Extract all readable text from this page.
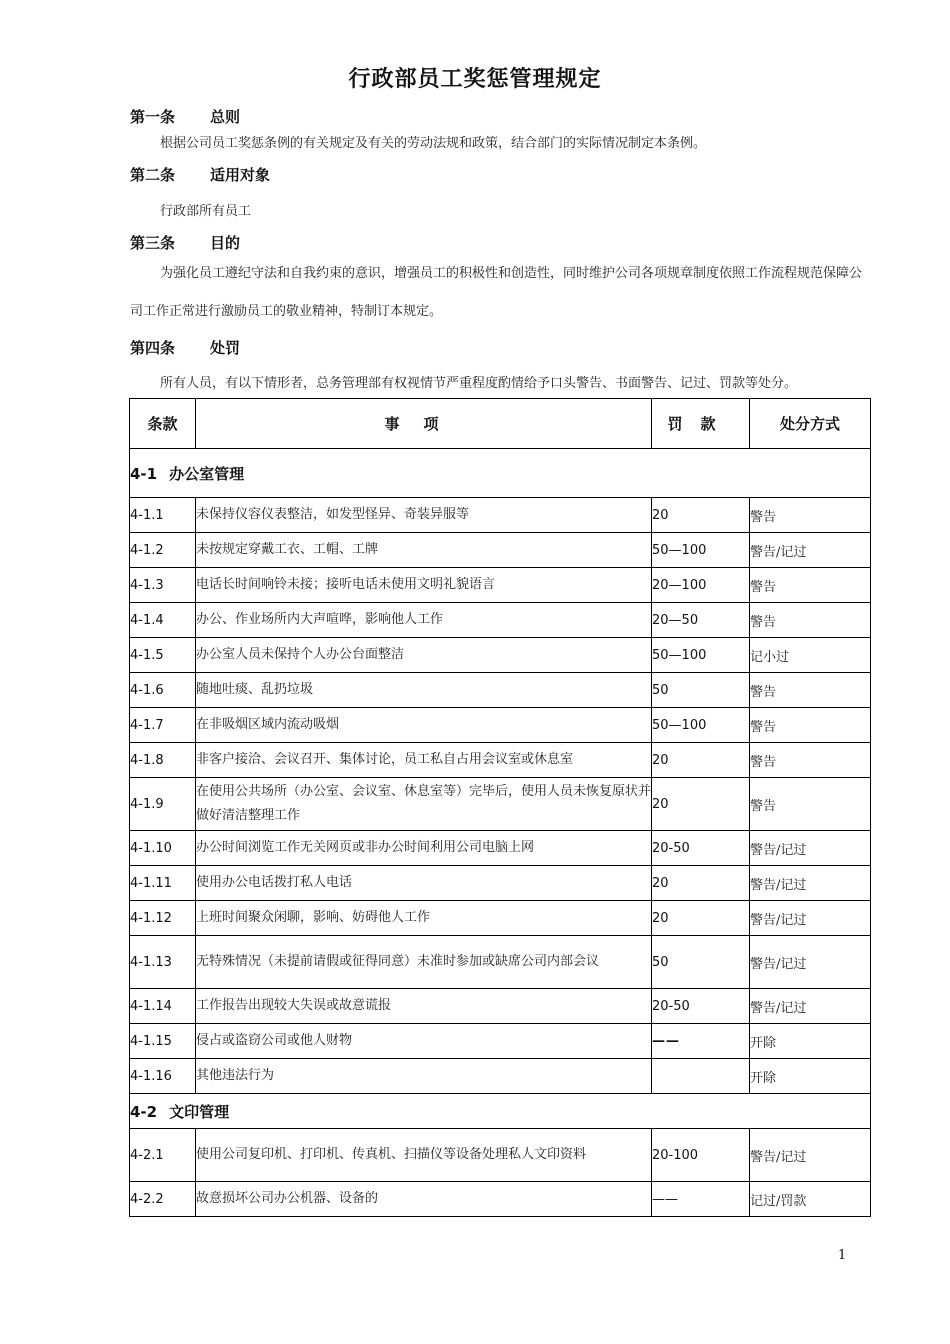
行政部员工奖惩管理规定
第一条 总则
根据公司员工奖惩条例的有关规定及有关的劳动法规和政策，结合部门的实际情况制定本条例。
第二条 适用对象
行政部所有员工
第三条 目的
为强化员工遵纪守法和自我约束的意识，增强员工的积极性和创造性，同时维护公司各项规章制度依照工作流程规范保障公司工作正常进行激励员工的敬业精神，特制订本规定。
第四条 处罚
所有人员，有以下情形者，总务管理部有权视情节严重程度酌情给予口头警告、书面警告、记过、罚款等处分。
条款	事项	罚款	处分方式
4-1 办公室管理			
4-1.1	未保持仪容仪表整洁，如发型怪异、奇装异服等	20	警告
4-1.2	未按规定穿戴工衣、工帽、工牌	50—100	警告/记过
4-1.3	电话长时间响铃未接；接听电话未使用文明礼貌语言	20—100	警告
4-1.4	办公、作业场所内大声喧哗，影响他人工作	20—50	警告
4-1.5	办公室人员未保持个人办公台面整洁	50—100	记小过
4-1.6	随地吐痰、乱扔垃圾	50	警告
4-1.7	在非吸烟区域内流动吸烟	50—100	警告
4-1.8	非客户接洽、会议召开、集体讨论，员工私自占用会议室或休息室	20	警告
4-1.9	在使用公共场所（办公室、会议室、休息室等）完毕后，使用人员未恢复原状并做好清洁整理工作	20	警告
4-1.10	办公时间浏览工作无关网页或非办公时间利用公司电脑上网	20-50	警告/记过
4-1.11	使用办公电话拨打私人电话	20	警告/记过
4-1.12	上班时间聚众闲聊，影响、妨碍他人工作	20	警告/记过
4-1.13	无特殊情况（未提前请假或征得同意）未准时参加或缺席公司内部会议	50	警告/记过
4-1.14	工作报告出现较大失误或故意谎报	20-50	警告/记过
4-1.15	侵占或盗窃公司或他人财物	——	开除
4-1.16	其他违法行为		开除
4-2 文印管理			
4-2.1	使用公司复印机、打印机、传真机、扫描仪等设备处理私人文印资料	20-100	警告/记过
4-2.2	故意损坏公司办公机器、设备的	——	记过/罚款
1
